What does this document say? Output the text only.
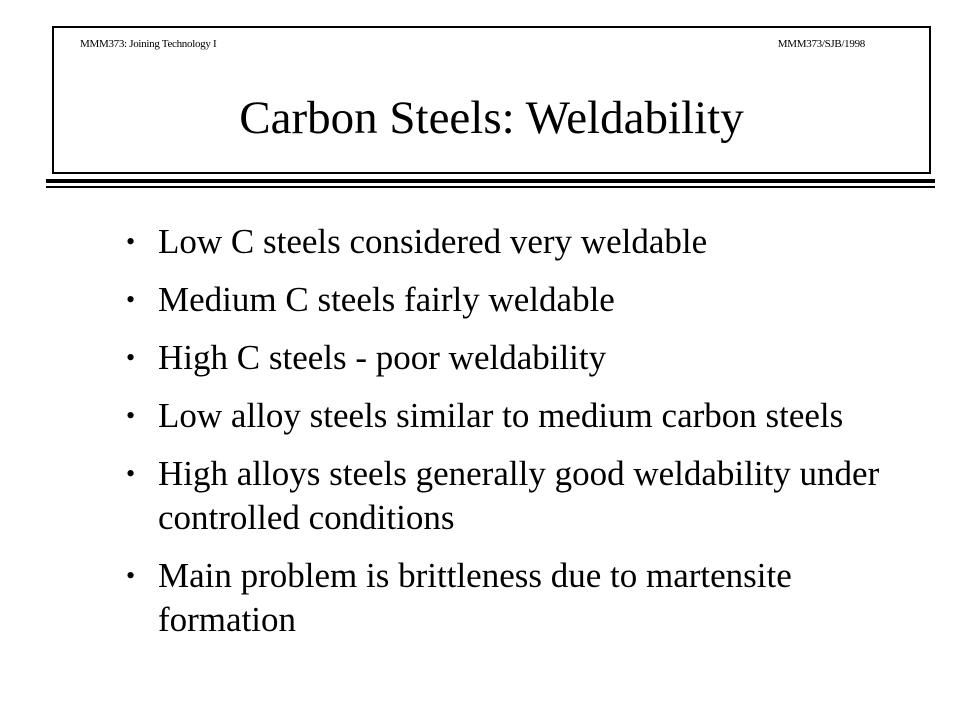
MMM373: Joining Technology I	MMM373/SJB/1998
Carbon Steels: Weldability
• Low C steels considered very weldable
• Medium C steels fairly weldable
• High C steels - poor weldability
• Low alloy steels similar to medium carbon steels
• High alloys steels generally good weldability under controlled conditions
• Main problem is brittleness due to martensite formation
